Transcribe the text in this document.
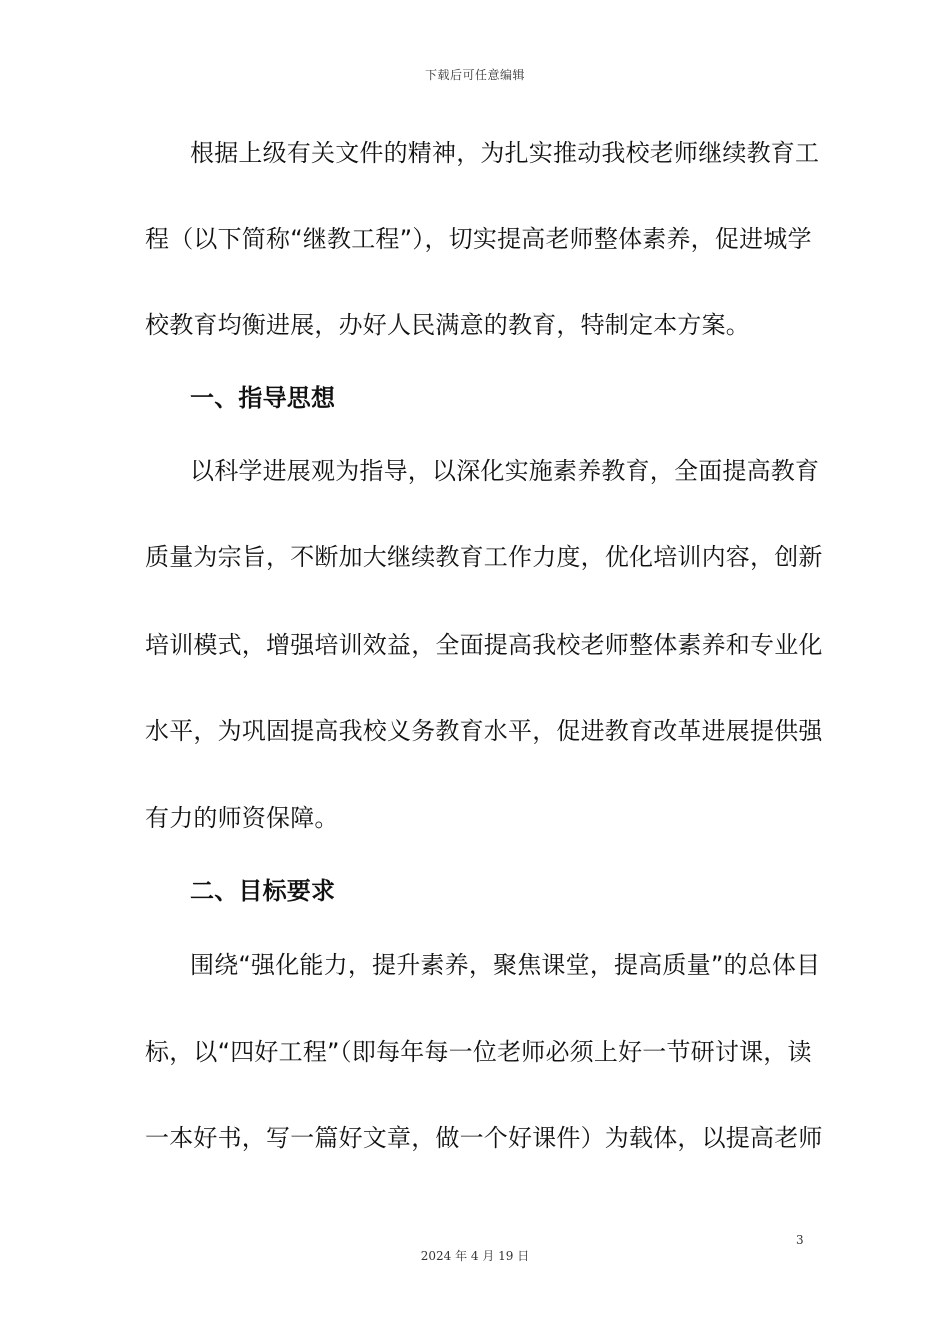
下载后可任意编辑
根据上级有关文件的精神，为扎实推动我校老师继续教育工
程（以下简称“继教工程”），切实提高老师整体素养，促进城学
校教育均衡进展，办好人民满意的教育，特制定本方案。
一、指导思想
以科学进展观为指导，以深化实施素养教育，全面提高教育
质量为宗旨，不断加大继续教育工作力度，优化培训内容，创新
培训模式，增强培训效益，全面提高我校老师整体素养和专业化
水平，为巩固提高我校义务教育水平，促进教育改革进展提供强
有力的师资保障。
二、目标要求
围绕“强化能力，提升素养，聚焦课堂，提高质量”的总体目
标，以“四好工程”（即每年每一位老师必须上好一节研讨课，读
一本好书，写一篇好文章，做一个好课件）为载体，以提高老师
3
2024 年 4 月 19 日
